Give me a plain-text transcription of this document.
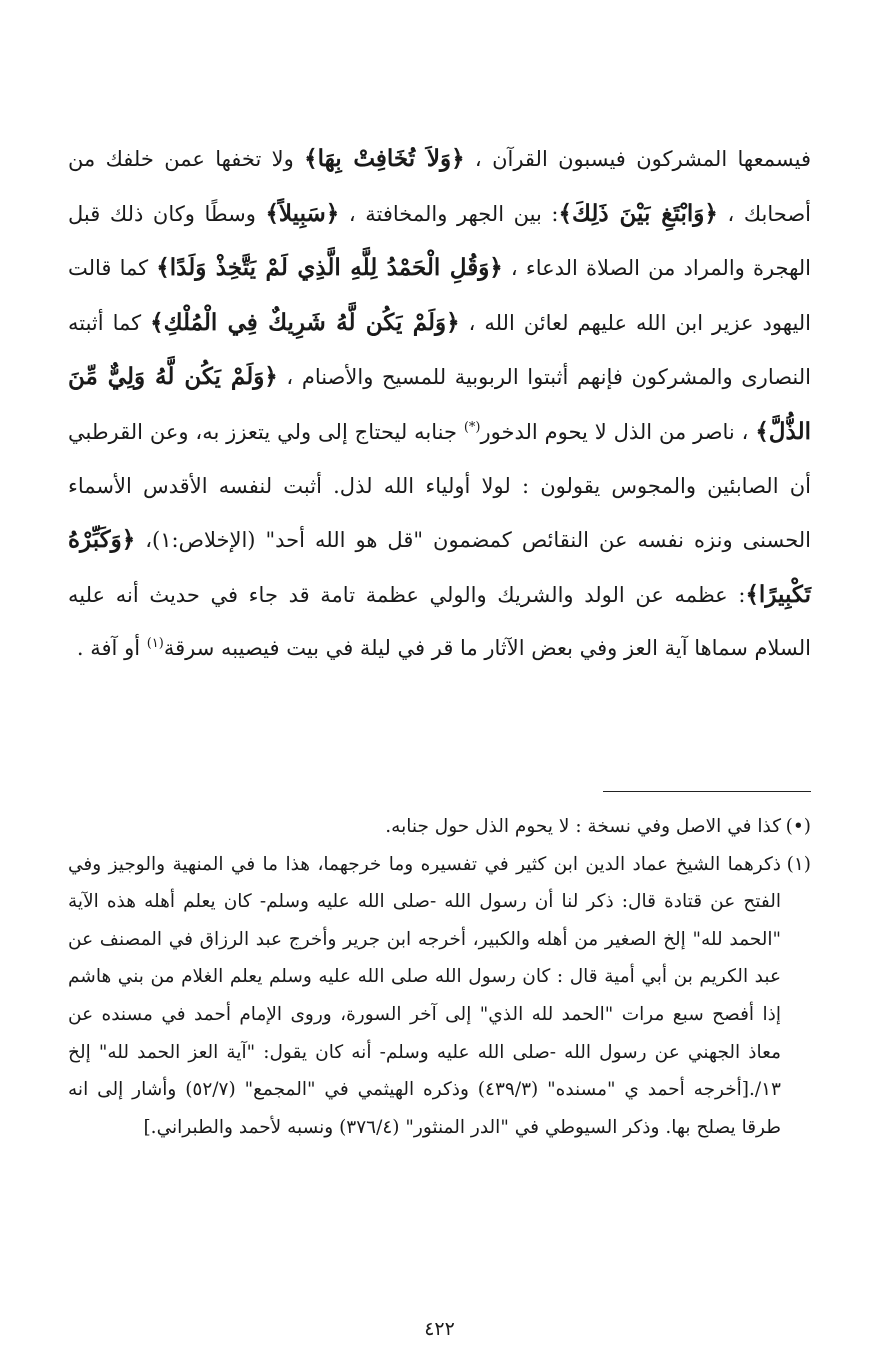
فيسمعها المشركون فيسبون القرآن ، ﴿وَلاَ تُخَافِتْ بِهَا﴾ ولا تخفها عمن خلفك من أصحابك ، ﴿وَابْتَغِ بَيْنَ ذَلِكَ﴾: بين الجهر والمخافتة ، ﴿سَبِيلاً﴾ وسطًا وكان ذلك قبل الهجرة والمراد من الصلاة الدعاء ، ﴿وَقُلِ الْحَمْدُ لِلَّهِ الَّذِي لَمْ يَتَّخِذْ وَلَدًا﴾ كما قالت اليهود عزير ابن الله عليهم لعائن الله ، ﴿وَلَمْ يَكُن لَّهُ شَرِيكٌ فِي الْمُلْكِ﴾ كما أثبته النصارى والمشركون فإنهم أثبتوا الربوبية للمسيح والأصنام ، ﴿وَلَمْ يَكُن لَّهُ وَلِيٌّ مِّنَ الذُّلَّ﴾ ، ناصر من الذل لا يحوم الدخور(*) جنابه ليحتاج إلى ولي يتعزز به، وعن القرطبي أن الصابئين والمجوس يقولون : لولا أولياء الله لذل. أثبت لنفسه الأقدس الأسماء الحسنى ونزه نفسه عن النقائص كمضمون "قل هو الله أحد" (الإخلاص:١)، ﴿وَكَبِّرْهُ تَكْبِيرًا﴾: عظمه عن الولد والشريك والولي عظمة تامة قد جاء في حديث أنه عليه السلام سماها آية العز وفي بعض الآثار ما قر في ليلة في بيت فيصيبه سرقة$^{(١)}$ أو آفة .

(•)
كذا في الاصل وفي نسخة : لا يحوم الذل حول جنابه.
(١)
ذكرهما الشيخ عماد الدين ابن كثير في تفسيره وما خرجهما، هذا ما في المنهية والوجيز وفي الفتح عن قتادة قال: ذكر لنا أن رسول الله -صلى الله عليه وسلم- كان يعلم أهله هذه الآية "الحمد لله" إلخ الصغير من أهله والكبير، أخرجه ابن جرير وأخرج عبد الرزاق في المصنف عن عبد الكريم بن أبي أمية قال : كان رسول الله صلى الله عليه وسلم يعلم الغلام من بني هاشم إذا أفصح سبع مرات "الحمد لله الذي" إلى آخر السورة، وروى الإمام أحمد في مسنده عن معاذ الجهني عن رسول الله -صلى الله عليه وسلم- أنه كان يقول: "آية العز الحمد لله" إلخ ١٣/.[أخرجه أحمد ي "مسنده" (٤٣٩/٣) وذكره الهيثمي في "المجمع" (٥٢/٧) وأشار إلى انه طرقا يصلح بها. وذكر السيوطي في "الدر المنثور" (٣٧٦/٤) ونسبه لأحمد والطبراني.]
٤٢٢
